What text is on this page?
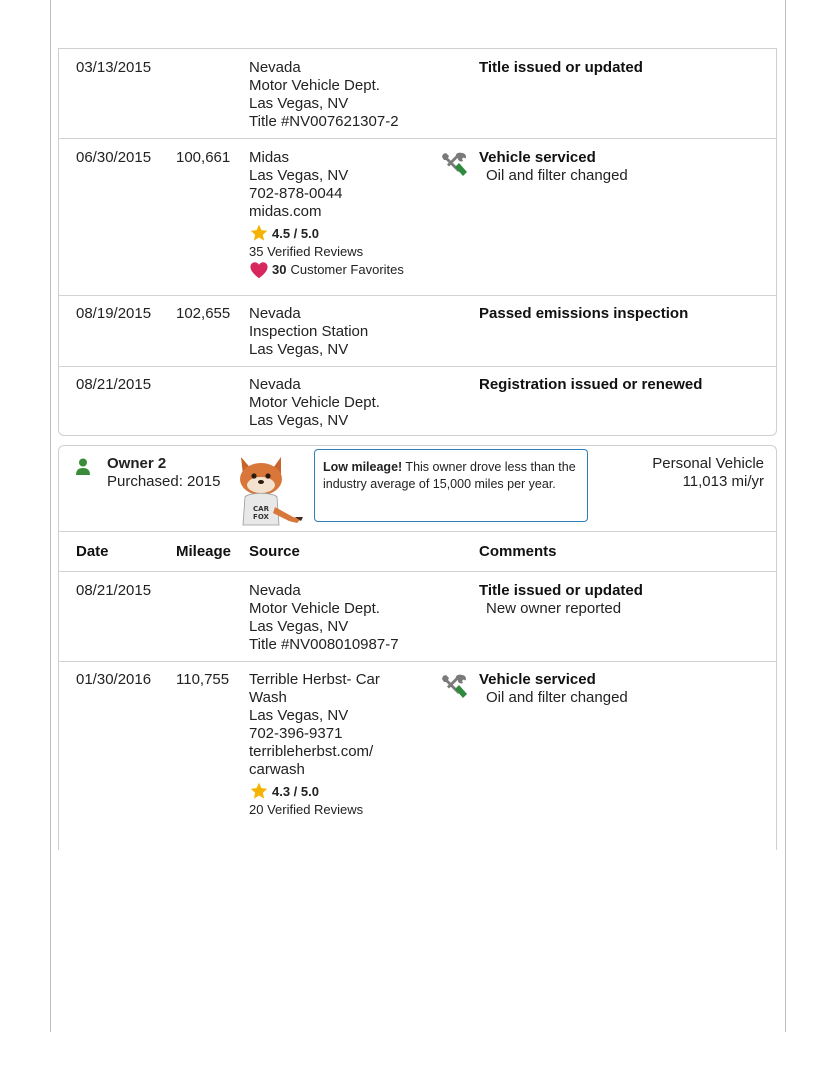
03/13/2015	Nevada
Motor Vehicle Dept.
Las Vegas, NV
Title #NV007621307-2
Title issued or updated
06/30/2015 100,661 Midas
Las Vegas, NV
702-878-0044
midas.com
4.5 / 5.0
35 Verified Reviews
30 Customer Favorites
Vehicle serviced
Oil and filter changed
08/19/2015 102,655 Nevada
Inspection Station
Las Vegas, NV
Passed emissions inspection
08/21/2015	Nevada
Motor Vehicle Dept.
Las Vegas, NV
Registration issued or renewed
Owner 2
Purchased: 2015
CAR
FOX
Low mileage! This owner drove less than the industry average of 15,000 miles per year.
Personal Vehicle
11,013 mi/yr
Date	Mileage Source	Comments
08/21/2015	Nevada
Motor Vehicle Dept.
Las Vegas, NV
Title #NV008010987-7
Title issued or updated
New owner reported
01/30/2016 110,755 Terrible Herbst- Car
Wash
Las Vegas, NV
702-396-9371
terribleherbst.com/
carwash
4.3 / 5.0
20 Verified Reviews
Vehicle serviced
Oil and filter changed
